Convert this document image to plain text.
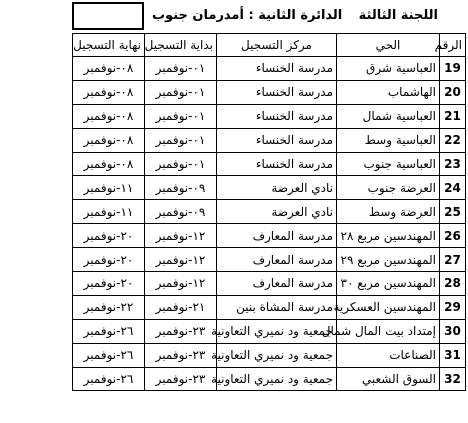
الدائرة الثانية : أمدرمان جنوب اللجنة الثالثة
الرقم	الحي	مركز التسجيل	بداية التسجيل	نهاية التسجيل	
19	العباسية شرق	مدرسة الخنساء	٠١-نوفمبر	٠٨-نوفمبر	
20	الهاشماب	مدرسة الخنساء	٠١-نوفمبر	٠٨-نوفمبر	
21	العباسية شمال	مدرسة الخنساء	٠١-نوفمبر	٠٨-نوفمبر	
22	العباسية وسط	مدرسة الخنساء	٠١-نوفمبر	٠٨-نوفمبر	
23	العباسية جنوب	مدرسة الخنساء	٠١-نوفمبر	٠٨-نوفمبر	
24	العرضة جنوب	نادي العرضة	٠٩-نوفمبر	١١-نوفمبر	
25	العرضة وسط	نادي العرضة	٠٩-نوفمبر	١١-نوفمبر	
26	المهندسين مربع ٢٨	مدرسة المعارف	١٢-نوفمبر	٢٠-نوفمبر	
27	المهندسين مربع ٢٩	مدرسة المعارف	١٢-نوفمبر	٢٠-نوفمبر	
28	المهندسين مربع ٣٠	مدرسة المعارف	١٢-نوفمبر	٢٠-نوفمبر	
29	المهندسين العسكرية	مدرسة المشاة بنين	٢١-نوفمبر	٢٢-نوفمبر	
30	إمتداد بيت المال شمال	جمعية ود نميري التعاونية	٢٣-نوفمبر	٢٦-نوفمبر	
31	الصناعات	جمعية ود نميري التعاونية	٢٣-نوفمبر	٢٦-نوفمبر	
32	السوق الشعبي	جمعية ود نميري التعاونية	٢٣-نوفمبر	٢٦-نوفمبر	
